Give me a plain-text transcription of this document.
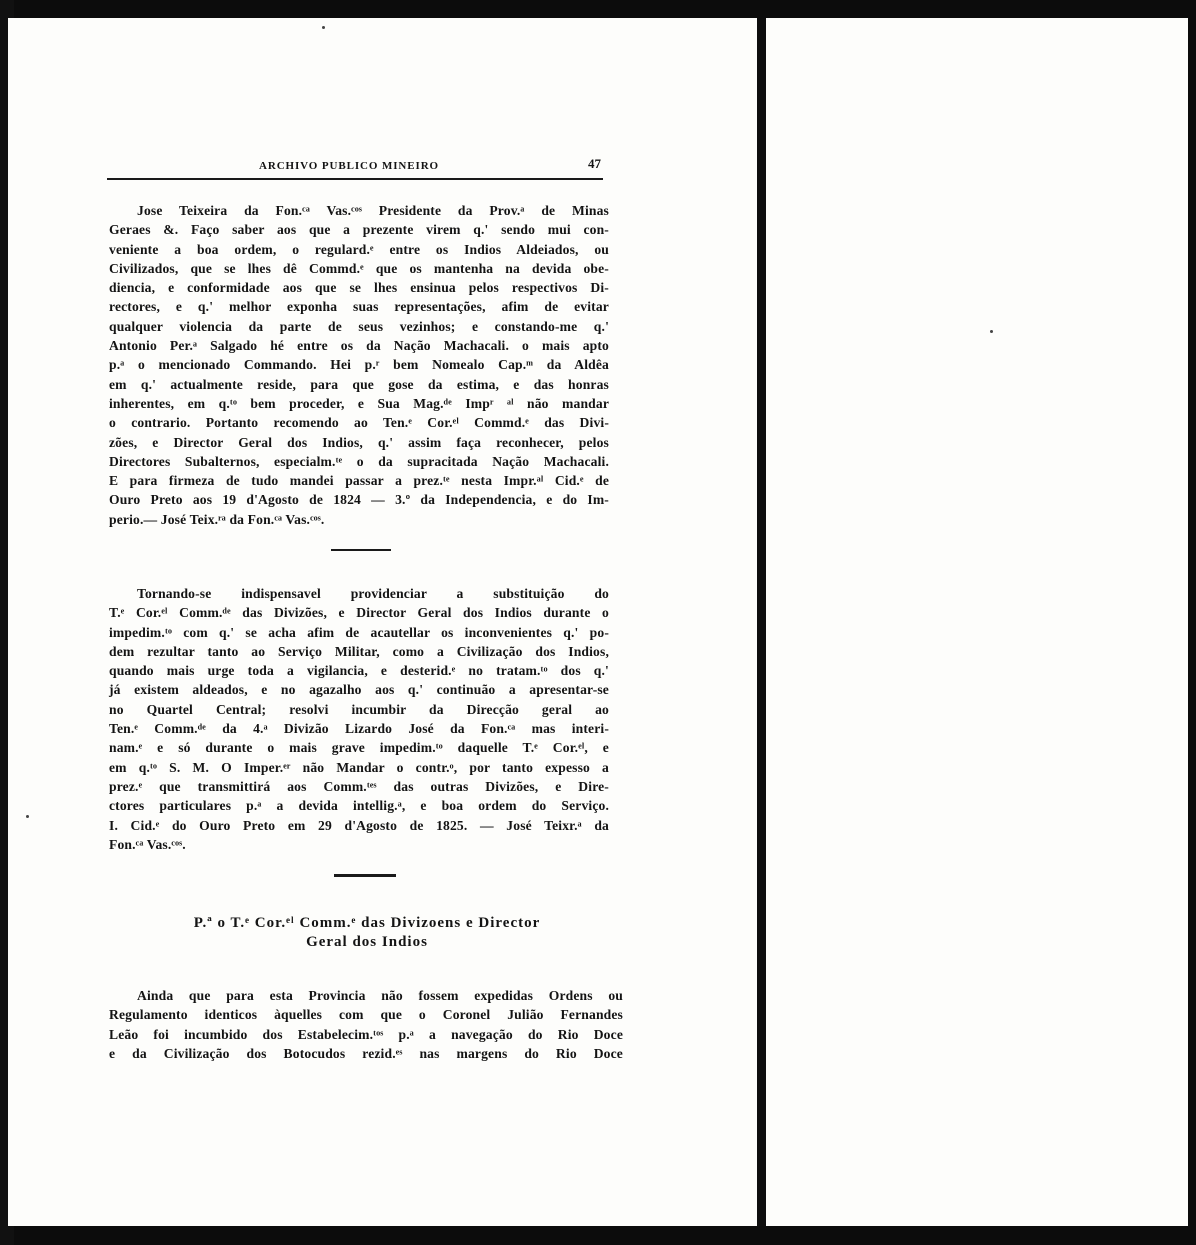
ARCHIVO PUBLICO MINEIRO	47
Jose Teixeira da Fon.ᶜᵃ Vas.ᶜᵒˢ Presidente da Prov.ᵃ de Minas
Geraes &. Faço saber aos que a prezente virem q.' sendo mui con-
veniente a boa ordem, o regulard.ᵉ entre os Indios Aldeiados, ou
Civilizados, que se lhes dê Commd.ᵉ que os mantenha na devida obe-
diencia, e conformidade aos que se lhes ensinua pelos respectivos Di-
rectores, e q.' melhor exponha suas representações, afim de evitar
qualquer violencia da parte de seus vezinhos; e constando-me q.'
Antonio Per.ᵃ Salgado hé entre os da Nação Machacali. o mais apto
p.ᵃ o mencionado Commando. Hei p.ʳ bem Nomealo Cap.ᵐ da Aldêa
em q.' actualmente reside, para que gose da estima, e das honras
inherentes, em q.ᵗᵒ bem proceder, e Sua Mag.ᵈᵉ Impʳ ᵃˡ não mandar
o contrario. Portanto recomendo ao Ten.ᵉ Cor.ᵉˡ Commd.ᵉ das Divi-
zões, e Director Geral dos Indios, q.' assim faça reconhecer, pelos
Directores Subalternos, especialm.ᵗᵉ o da supracitada Nação Machacali.
E para firmeza de tudo mandei passar a prez.ᵗᵉ nesta Impr.ᵃˡ Cid.ᵉ de
Ouro Preto aos 19 d'Agosto de 1824 — 3.º da Independencia, e do Im-
perio.— José Teix.ʳᵃ da Fon.ᶜᵃ Vas.ᶜᵒˢ.
Tornando-se indispensavel providenciar a substituição do
T.ᵉ Cor.ᵉˡ Comm.ᵈᵉ das Divizões, e Director Geral dos Indios durante o
impedim.ᵗᵒ com q.' se acha afim de acautellar os inconvenientes q.' po-
dem rezultar tanto ao Serviço Militar, como a Civilização dos Indios,
quando mais urge toda a vigilancia, e desterid.ᵉ no tratam.ᵗᵒ dos q.'
já existem aldeados, e no agazalho aos q.' continuão a apresentar-se
no Quartel Central; resolvi incumbir da Direcção geral ao
Ten.ᵉ Comm.ᵈᵉ da 4.ᵃ Divizão Lizardo José da Fon.ᶜᵃ mas interi-
nam.ᵉ e só durante o mais grave impedim.ᵗᵒ daquelle T.ᵉ Cor.ᵉˡ, e
em q.ᵗᵒ S. M. O Imper.ᵉʳ não Mandar o contr.ᵒ, por tanto expesso a
prez.ᵉ que transmittirá aos Comm.ᵗᵉˢ das outras Divizões, e Dire-
ctores particulares p.ᵃ a devida intellig.ᵃ, e boa ordem do Serviço.
I. Cid.ᵉ do Ouro Preto em 29 d'Agosto de 1825. — José Teixr.ᵃ da
Fon.ᶜᵃ Vas.ᶜᵒˢ.
P.ª o T.ᵉ Cor.ᵉˡ Comm.ᵉ das Divizoens e Director
Geral dos Indios
Ainda que para esta Provincia não fossem expedidas Ordens ou
Regulamento identicos àquelles com que o Coronel Julião Fernandes
Leão foi incumbido dos Estabelecim.ᵗᵒˢ p.ᵃ a navegação do Rio Doce
e da Civilização dos Botocudos rezid.ᵉˢ nas margens do Rio Doce
